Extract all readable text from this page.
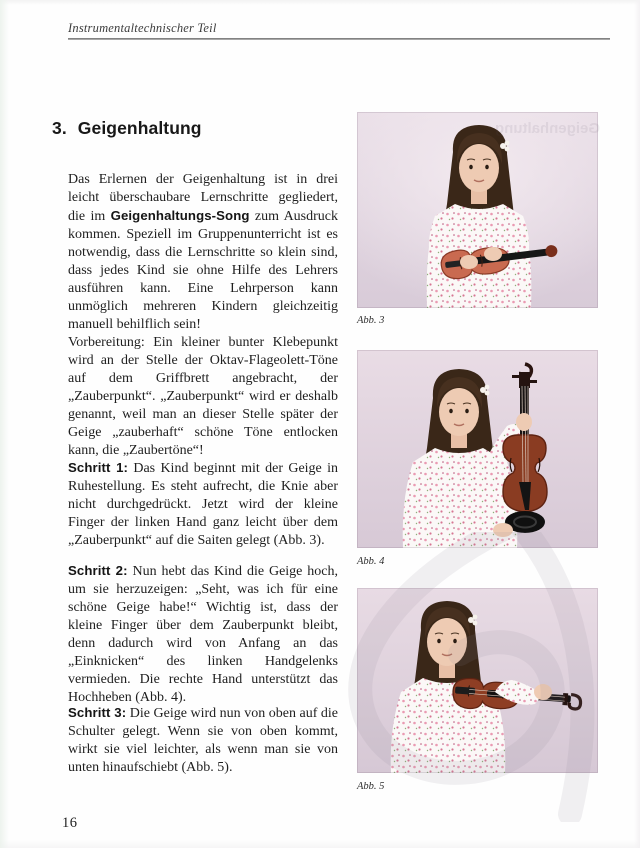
Instrumentaltechnischer Teil
3. Geigenhaltung

Das Erlernen der Geigenhaltung ist in drei leicht überschaubare Lernschritte gegliedert, die im Geigenhaltungs-Song zum Ausdruck kommen. Speziell im Gruppenunterricht ist es notwendig, dass die Lernschritte so klein sind, dass jedes Kind sie ohne Hilfe des Lehrers ausführen kann. Eine Lehrperson kann unmöglich mehreren Kindern gleichzeitig manuell behilflich sein!

Vorbereitung: Ein kleiner bunter Klebepunkt wird an der Stelle der Oktav-Flageolett-Töne auf dem Griffbrett angebracht, der „Zauberpunkt“. „Zauberpunkt“ wird er deshalb genannt, weil man an dieser Stelle später der Geige „zauberhaft“ schöne Töne entlocken kann, die „Zaubertöne“!

Schritt 1: Das Kind beginnt mit der Geige in Ruhestellung. Es steht aufrecht, die Knie aber nicht durchgedrückt. Jetzt wird der kleine Finger der linken Hand ganz leicht über dem „Zauberpunkt“ auf die Saiten gelegt (Abb. 3).

Schritt 2: Nun hebt das Kind die Geige hoch, um sie herzuzeigen: „Seht, was ich für eine schöne Geige habe!“ Wichtig ist, dass der kleine Finger über dem Zauberpunkt bleibt, denn dadurch wird von Anfang an das „Einknicken“ des linken Handgelenks vermieden. Die rechte Hand unterstützt das Hochheben (Abb. 4).

Schritt 3: Die Geige wird nun von oben auf die Schulter gelegt. Wenn sie von oben kommt, wirkt sie viel leichter, als wenn man sie von unten hinaufschiebt (Abb. 5).

Abb. 3
Abb. 4
Abb. 5
16
